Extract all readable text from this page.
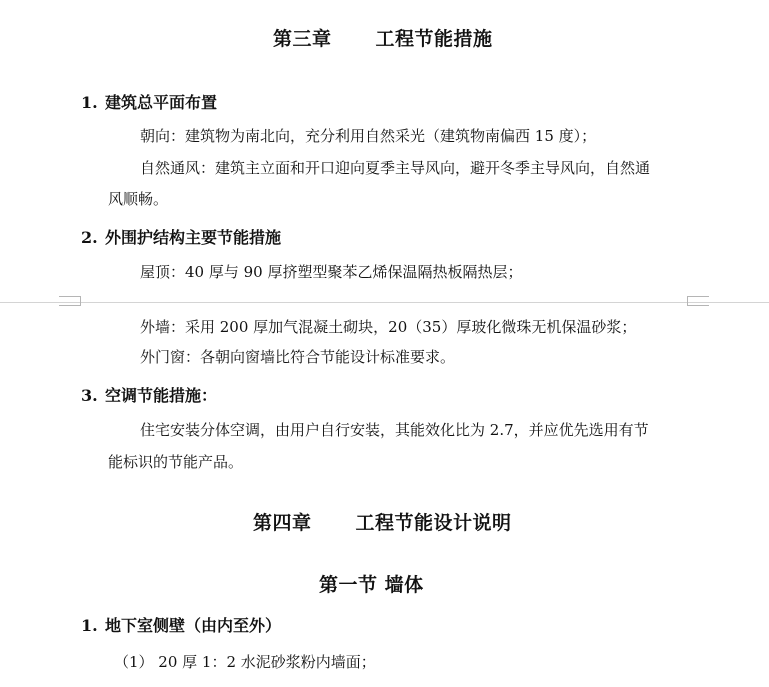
第三章 工程节能措施
1. 建筑总平面布置
朝向：建筑物为南北向，充分利用自然采光（建筑物南偏西 15 度）；
自然通风：建筑主立面和开口迎向夏季主导风向，避开冬季主导风向，自然通
风顺畅。
2. 外围护结构主要节能措施
屋顶：40 厚与 90 厚挤塑型聚苯乙烯保温隔热板隔热层；
外墙：采用 200 厚加气混凝土砌块，20（35）厚玻化微珠无机保温砂浆；
外门窗：各朝向窗墙比符合节能设计标准要求。
3. 空调节能措施：
住宅安装分体空调，由用户自行安装，其能效化比为 2.7，并应优先选用有节
能标识的节能产品。
第四章 工程节能设计说明
第一节 墙体
1. 地下室侧壁（由内至外）
（1） 20 厚 1：2 水泥砂浆粉内墙面；
